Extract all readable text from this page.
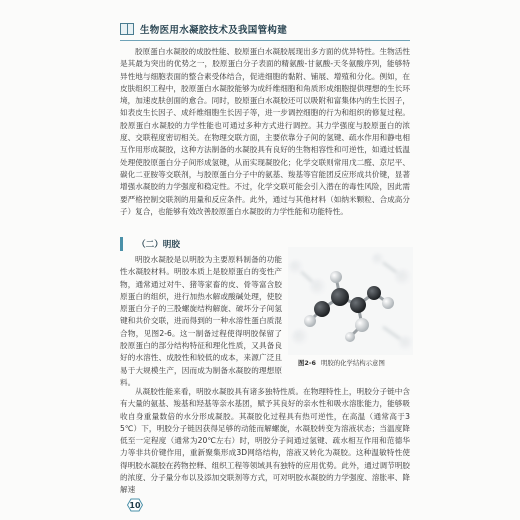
生物医用水凝胶技术及我国管构建

胶原蛋白水凝胶的成胶性能、胶原蛋白水凝胶展现出多方面的优异特性。生物活性是其最为突出的优势之一，胶原蛋白分子表面的精氨酸-甘氨酸-天冬氨酸序列，能够特异性地与细胞表面的整合素受体结合，促进细胞的黏附、铺展、增殖和分化。例如，在皮肤组织工程中，胶原蛋白水凝胶能够为成纤维细胞和角质形成细胞提供理想的生长环境，加速皮肤创面的愈合。同时，胶原蛋白水凝胶还可以吸附和富集体内的生长因子，如表皮生长因子、成纤维细胞生长因子等，进一步调控细胞的行为和组织的修复过程。胶原蛋白水凝胶的力学性能也可通过多种方式进行调控。其力学强度与胶原蛋白的浓度、交联程度密切相关。在物理交联方面，主要依靠分子间的氢键、疏水作用和静电相互作用形成凝胶，这种方法制备的水凝胶具有良好的生物相容性和可逆性，如通过低温处理使胶原蛋白分子间形成氢键，从而实现凝胶化；化学交联则常用戊二醛、京尼平、碳化二亚胺等交联剂，与胶原蛋白分子中的氨基、羧基等官能团反应形成共价键，显著增强水凝胶的力学强度和稳定性。不过，化学交联可能会引入潜在的毒性风险，因此需要严格控制交联剂的用量和反应条件。此外，通过与其他材料（如纳米颗粒、合成高分子）复合，也能够有效改善胶原蛋白水凝胶的力学性能和功能特性。

（二）明胶

明胶水凝胶是以明胶为主要原料制备的功能性水凝胶材料。明胶本质上是胶原蛋白的变性产物，通常通过对牛、猪等家畜的皮、骨等富含胶原蛋白的组织，进行加热水解或酸碱处理，使胶原蛋白分子的三股螺旋结构解旋、破坏分子间氢键和共价交联，进而得到的一种水溶性蛋白质混合物，见图2-6。这一制备过程使得明胶保留了胶原蛋白的部分结构特征和理化性质，又具备良好的水溶性、成胶性和较低的成本，来源广泛且易于大规模生产，因而成为制备水凝胶的理想原料。

图2-6 明胶的化学结构示意图

从凝胶性能来看，明胶水凝胶具有诸多独特性质。在物理特性上，明胶分子链中含有大量的氨基、羧基和羟基等亲水基团，赋予其良好的亲水性和吸水溶胀能力，能够吸收自身重量数倍的水分形成凝胶。其凝胶化过程具有热可逆性，在高温（通常高于35℃）下，明胶分子链因获得足够的动能而解螺旋，水凝胶转变为溶液状态；当温度降低至一定程度（通常为20℃左右）时，明胶分子间通过氢键、疏水相互作用和范德华力等非共价键作用，重新聚集形成3D网络结构，溶液又转化为凝胶。这种温敏特性使得明胶水凝胶在药物控释、组织工程等领域具有独特的应用优势。此外，通过调节明胶的浓度、分子量分布以及添加交联剂等方式，可对明胶水凝胶的力学强度、溶胀率、降解速

10
